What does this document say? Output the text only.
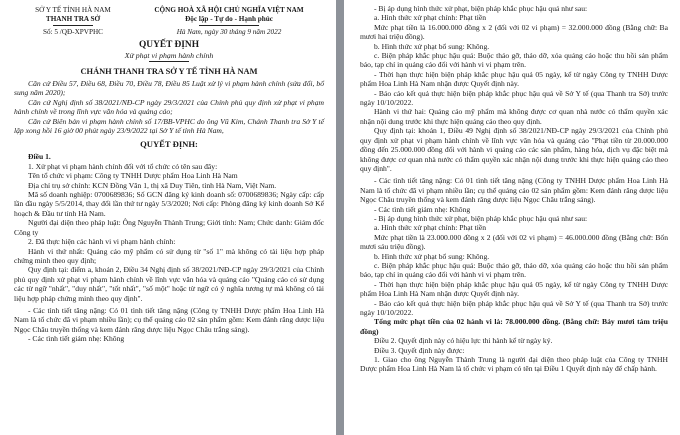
SỞ Y TẾ TỈNH HÀ NAM
THANH TRA SỞ
Số: 5 /QĐ-XPVPHC
CỘNG HOÀ XÃ HỘI CHỦ NGHĨA VIỆT NAM
Độc lập - Tự do - Hạnh phúc
Hà Nam, ngày 30 tháng 9 năm 2022
QUYẾT ĐỊNH
Xử phạt vi phạm hành chính
CHÁNH THANH TRA SỞ Y TẾ TỈNH HÀ NAM

Căn cứ Điều 57, Điều 68, Điều 70, Điều 78, Điều 85 Luật xử lý vi phạm hành chính (sửa đổi, bổ sung năm 2020);

Căn cứ Nghị định số 38/2021/NĐ-CP ngày 29/3/2021 của Chính phủ quy định xử phạt vi phạm hành chính về trong lĩnh vực văn hóa và quảng cáo;

Căn cứ Biên bản vi phạm hành chính số 17/BB-VPHC do ông Vũ Kim, Chánh Thanh tra Sở Y tế lập xong hồi 16 giờ 00 phút ngày 23/9/2022 tại Sở Y tế tỉnh Hà Nam,

QUYẾT ĐỊNH:

Điều 1.

1. Xử phạt vi phạm hành chính đối với tổ chức có tên sau đây:

Tên tổ chức vi phạm: Công ty TNHH Dược phẩm Hoa Linh Hà Nam

Địa chỉ trụ sở chính: KCN Đồng Văn 1, thị xã Duy Tiên, tỉnh Hà Nam, Việt Nam.

Mã số doanh nghiệp: 0700689836; Số GCN đăng ký kinh doanh số: 0700689836; Ngày cấp: cấp lần đầu ngày 5/5/2014, thay đổi lần thứ tư ngày 5/3/2020; Nơi cấp: Phòng đăng ký kinh doanh Sở Kế hoạch & Đầu tư tỉnh Hà Nam.

Người đại diện theo pháp luật: Ông Nguyễn Thành Trung; Giới tính: Nam; Chức danh: Giám đốc Công ty

2. Đã thực hiện các hành vi vi phạm hành chính:

Hành vi thứ nhất: Quảng cáo mỹ phẩm có sử dụng từ "số 1" mà không có tài liệu hợp pháp chứng minh theo quy định;

Quy định tại: điểm a, khoản 2, Điều 34 Nghị định số 38/2021/NĐ-CP ngày 29/3/2021 của Chính phủ quy định xử phạt vi phạm hành chính về lĩnh vực văn hóa và quảng cáo "Quảng cáo có sử dụng các từ ngữ "nhất", "duy nhất", "tốt nhất", "số một" hoặc từ ngữ có ý nghĩa tương tự mà không có tài liệu hợp pháp chứng minh theo quy định".

- Các tình tiết tăng nặng: Có 01 tình tiết tăng nặng (Công ty TNHH Dược phẩm Hoa Linh Hà Nam là tổ chức đã vi phạm nhiều lần); cụ thể quảng cáo 02 sản phẩm gồm: Kem đánh răng dược liệu Ngọc Châu truyền thống và kem đánh răng dược liệu Ngọc Châu trắng sáng).

- Các tình tiết giảm nhẹ: Không

- Bị áp dụng hình thức xử phạt, biện pháp khắc phục hậu quả như sau:

a. Hình thức xử phạt chính: Phạt tiền

Mức phạt tiền là 16.000.000 đồng x 2 (đối với 02 vi phạm) = 32.000.000 đồng (Bằng chữ: Ba mươi hai triệu đồng).

b. Hình thức xử phạt bổ sung: Không.

c. Biện pháp khắc phục hậu quả: Buộc tháo gỡ, tháo dỡ, xóa quảng cáo hoặc thu hồi sản phẩm báo, tạp chí in quảng cáo đối với hành vi vi phạm trên.

- Thời hạn thực hiện biện pháp khắc phục hậu quả 05 ngày, kể từ ngày Công ty TNHH Dược phẩm Hoa Linh Hà Nam nhận được Quyết định này.

- Báo cáo kết quả thực hiện biện pháp khắc phục hậu quả về Sở Y tế (qua Thanh tra Sở) trước ngày 10/10/2022.

Hành vi thứ hai: Quảng cáo mỹ phẩm mà không được cơ quan nhà nước có thẩm quyền xác nhận nội dung trước khi thực hiện quảng cáo theo quy định.

Quy định tại: khoản 1, Điều 49 Nghị định số 38/2021/NĐ-CP ngày 29/3/2021 của Chính phủ quy định xử phạt vi phạm hành chính về lĩnh vực văn hóa và quảng cáo "Phạt tiền từ 20.000.000 đồng đến 25.000.000 đồng đối với hành vi quảng cáo các sản phẩm, hàng hóa, dịch vụ đặc biệt mà không được cơ quan nhà nước có thẩm quyền xác nhận nội dung trước khi thực hiện quảng cáo theo quy định".

- Các tình tiết tăng nặng: Có 01 tình tiết tăng nặng (Công ty TNHH Dược phẩm Hoa Linh Hà Nam là tổ chức đã vi phạm nhiều lần; cụ thể quảng cáo 02 sản phẩm gồm: Kem đánh răng dược liệu Ngọc Châu truyền thống và kem đánh răng dược liệu Ngọc Châu trắng sáng).

- Các tình tiết giảm nhẹ: Không

- Bị áp dụng hình thức xử phạt, biện pháp khắc phục hậu quả như sau:

a. Hình thức xử phạt chính: Phạt tiền

Mức phạt tiền là 23.000.000 đồng x 2 (đối với 02 vi phạm) = 46.000.000 đồng (Bằng chữ: Bốn mươi sáu triệu đồng).

b. Hình thức xử phạt bổ sung: Không.

c. Biện pháp khắc phục hậu quả: Buộc tháo gỡ, tháo dỡ, xóa quảng cáo hoặc thu hồi sản phẩm báo, tạp chí in quảng cáo đối với hành vi vi phạm trên.

- Thời hạn thực hiện biện pháp khắc phục hậu quả 05 ngày, kể từ ngày Công ty TNHH Dược phẩm Hoa Linh Hà Nam nhận được Quyết định này.

- Báo cáo kết quả thực hiện biện pháp khắc phục hậu quả về Sở Y tế (qua Thanh tra Sở) trước ngày 10/10/2022.

Tổng mức phạt tiền của 02 hành vi là: 78.000.000 đồng. (Bằng chữ: Bảy mươi tám triệu đồng)

Điều 2. Quyết định này có hiệu lực thi hành kể từ ngày ký.

Điều 3. Quyết định này được:

1. Giao cho ông Nguyễn Thành Trung là người đại diện theo pháp luật của Công ty TNHH Dược phẩm Hoa Linh Hà Nam là tổ chức vi phạm có tên tại Điều 1 Quyết định này để chấp hành.
